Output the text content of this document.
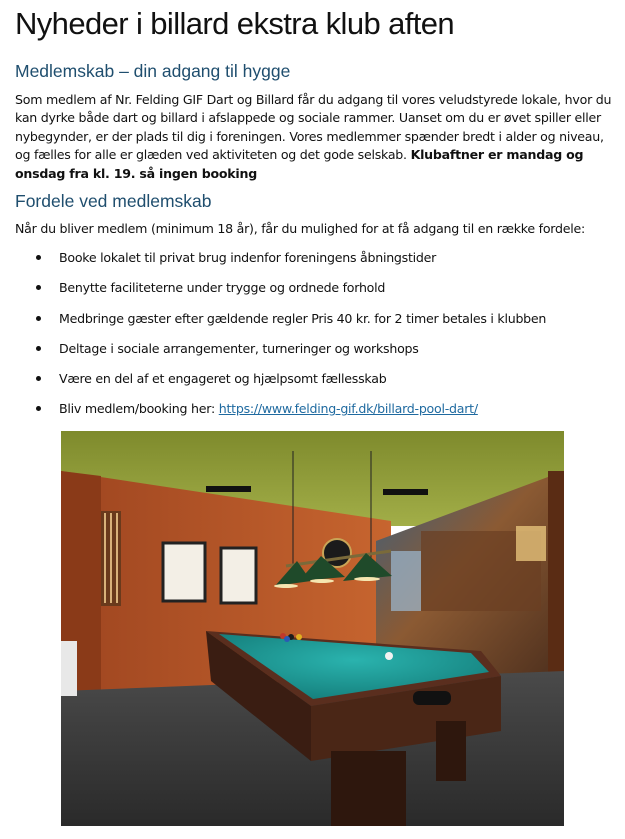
Nyheder i billard ekstra klub aften
Medlemskab – din adgang til hygge

Som medlem af Nr. Felding GIF Dart og Billard får du adgang til vores veludstyrede lokale, hvor du kan dyrke både dart og billard i afslappede og sociale rammer. Uanset om du er øvet spiller eller nybegynder, er der plads til dig i foreningen. Vores medlemmer spænder bredt i alder og niveau, og fælles for alle er glæden ved aktiviteten og det gode selskab. Klubaftner er mandag og onsdag fra kl. 19. så ingen booking

Fordele ved medlemskab

Når du bliver medlem (minimum 18 år), får du mulighed for at få adgang til en række fordele:

Booke lokalet til privat brug indenfor foreningens åbningstider
Benytte faciliteterne under trygge og ordnede forhold
Medbringe gæster efter gældende regler Pris 40 kr. for 2 timer betales i klubben
Deltage i sociale arrangementer, turneringer og workshops
Være en del af et engageret og hjælpsomt fællesskab
Bliv medlem/booking her: https://www.felding-gif.dk/billard-pool-dart/
